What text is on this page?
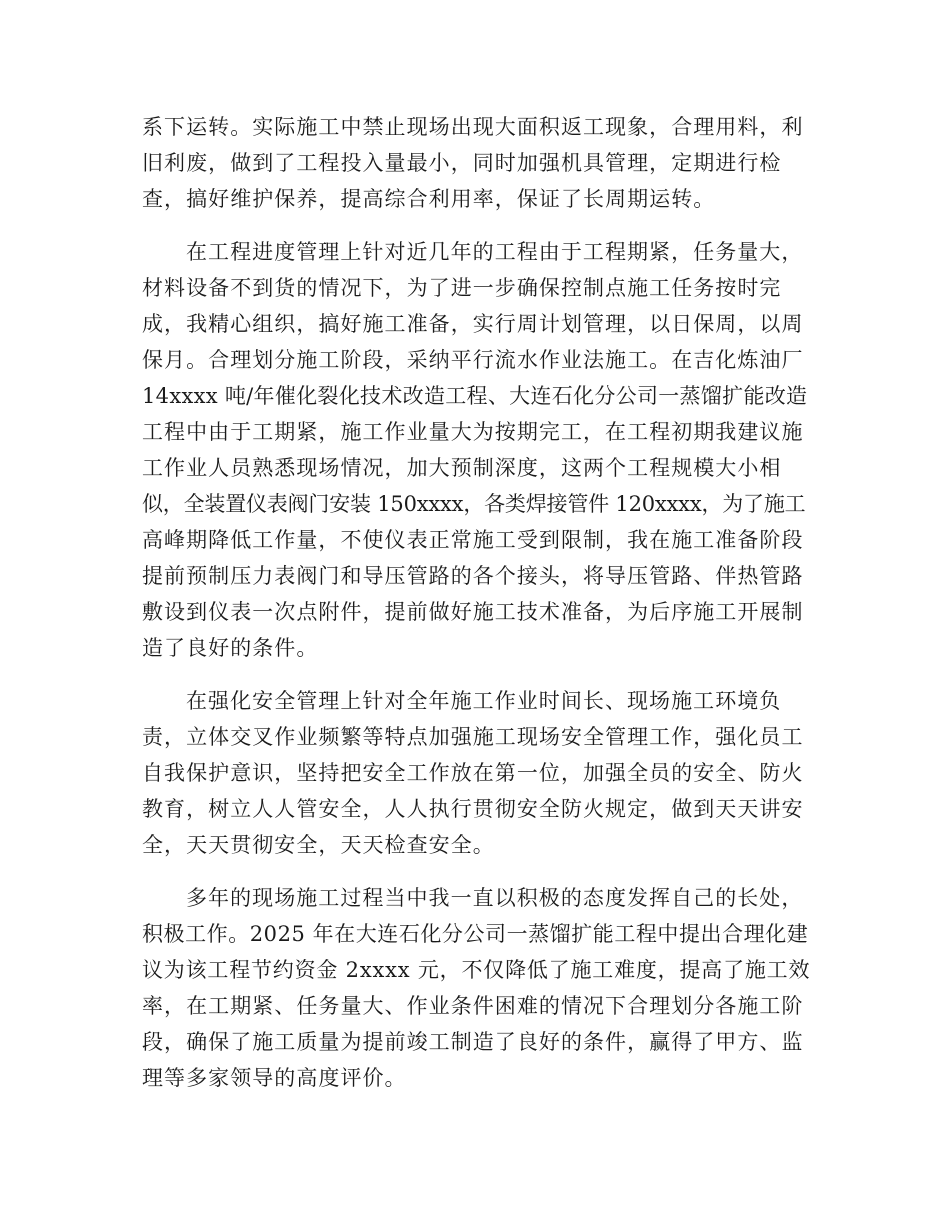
系下运转。实际施工中禁止现场出现大面积返工现象，合理用料，利

旧利废，做到了工程投入量最小，同时加强机具管理，定期进行检

查，搞好维护保养，提高综合利用率，保证了长周期运转。

在工程进度管理上针对近几年的工程由于工程期紧，任务量大，

材料设备不到货的情况下，为了进一步确保控制点施工任务按时完

成，我精心组织，搞好施工准备，实行周计划管理，以日保周，以周

保月。合理划分施工阶段，采纳平行流水作业法施工。在吉化炼油厂

14xxxx 吨/年催化裂化技术改造工程、大连石化分公司一蒸馏扩能改造

工程中由于工期紧，施工作业量大为按期完工，在工程初期我建议施

工作业人员熟悉现场情况，加大预制深度，这两个工程规模大小相

似，全装置仪表阀门安装 150xxxx，各类焊接管件 120xxxx，为了施工

高峰期降低工作量，不使仪表正常施工受到限制，我在施工准备阶段

提前预制压力表阀门和导压管路的各个接头，将导压管路、伴热管路

敷设到仪表一次点附件，提前做好施工技术准备，为后序施工开展制

造了良好的条件。

在强化安全管理上针对全年施工作业时间长、现场施工环境负

责，立体交叉作业频繁等特点加强施工现场安全管理工作，强化员工

自我保护意识，坚持把安全工作放在第一位，加强全员的安全、防火

教育，树立人人管安全，人人执行贯彻安全防火规定，做到天天讲安

全，天天贯彻安全，天天检查安全。

多年的现场施工过程当中我一直以积极的态度发挥自己的长处，

积极工作。2025 年在大连石化分公司一蒸馏扩能工程中提出合理化建

议为该工程节约资金 2xxxx 元，不仅降低了施工难度，提高了施工效

率，在工期紧、任务量大、作业条件困难的情况下合理划分各施工阶

段，确保了施工质量为提前竣工制造了良好的条件，赢得了甲方、监

理等多家领导的高度评价。
